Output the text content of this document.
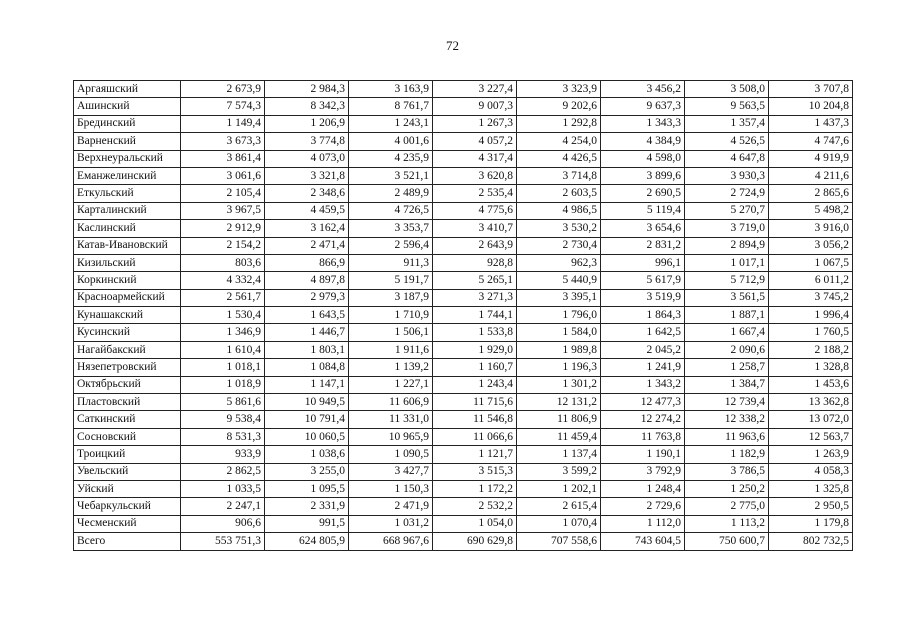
72
Аргаяшский	2 673,9	2 984,3	3 163,9	3 227,4	3 323,9	3 456,2	3 508,0	3 707,8
Ашинский	7 574,3	8 342,3	8 761,7	9 007,3	9 202,6	9 637,3	9 563,5	10 204,8
Брединский	1 149,4	1 206,9	1 243,1	1 267,3	1 292,8	1 343,3	1 357,4	1 437,3
Варненский	3 673,3	3 774,8	4 001,6	4 057,2	4 254,0	4 384,9	4 526,5	4 747,6
Верхнеуральский	3 861,4	4 073,0	4 235,9	4 317,4	4 426,5	4 598,0	4 647,8	4 919,9
Еманжелинский	3 061,6	3 321,8	3 521,1	3 620,8	3 714,8	3 899,6	3 930,3	4 211,6
Еткульский	2 105,4	2 348,6	2 489,9	2 535,4	2 603,5	2 690,5	2 724,9	2 865,6
Карталинский	3 967,5	4 459,5	4 726,5	4 775,6	4 986,5	5 119,4	5 270,7	5 498,2
Каслинский	2 912,9	3 162,4	3 353,7	3 410,7	3 530,2	3 654,6	3 719,0	3 916,0
Катав-Ивановский	2 154,2	2 471,4	2 596,4	2 643,9	2 730,4	2 831,2	2 894,9	3 056,2
Кизильский	803,6	866,9	911,3	928,8	962,3	996,1	1 017,1	1 067,5
Коркинский	4 332,4	4 897,8	5 191,7	5 265,1	5 440,9	5 617,9	5 712,9	6 011,2
Красноармейский	2 561,7	2 979,3	3 187,9	3 271,3	3 395,1	3 519,9	3 561,5	3 745,2
Кунашакский	1 530,4	1 643,5	1 710,9	1 744,1	1 796,0	1 864,3	1 887,1	1 996,4
Кусинский	1 346,9	1 446,7	1 506,1	1 533,8	1 584,0	1 642,5	1 667,4	1 760,5
Нагайбакский	1 610,4	1 803,1	1 911,6	1 929,0	1 989,8	2 045,2	2 090,6	2 188,2
Нязепетровский	1 018,1	1 084,8	1 139,2	1 160,7	1 196,3	1 241,9	1 258,7	1 328,8
Октябрьский	1 018,9	1 147,1	1 227,1	1 243,4	1 301,2	1 343,2	1 384,7	1 453,6
Пластовский	5 861,6	10 949,5	11 606,9	11 715,6	12 131,2	12 477,3	12 739,4	13 362,8
Саткинский	9 538,4	10 791,4	11 331,0	11 546,8	11 806,9	12 274,2	12 338,2	13 072,0
Сосновский	8 531,3	10 060,5	10 965,9	11 066,6	11 459,4	11 763,8	11 963,6	12 563,7
Троицкий	933,9	1 038,6	1 090,5	1 121,7	1 137,4	1 190,1	1 182,9	1 263,9
Увельский	2 862,5	3 255,0	3 427,7	3 515,3	3 599,2	3 792,9	3 786,5	4 058,3
Уйский	1 033,5	1 095,5	1 150,3	1 172,2	1 202,1	1 248,4	1 250,2	1 325,8
Чебаркульский	2 247,1	2 331,9	2 471,9	2 532,2	2 615,4	2 729,6	2 775,0	2 950,5
Чесменский	906,6	991,5	1 031,2	1 054,0	1 070,4	1 112,0	1 113,2	1 179,8
Всего	553 751,3	624 805,9	668 967,6	690 629,8	707 558,6	743 604,5	750 600,7	802 732,5
